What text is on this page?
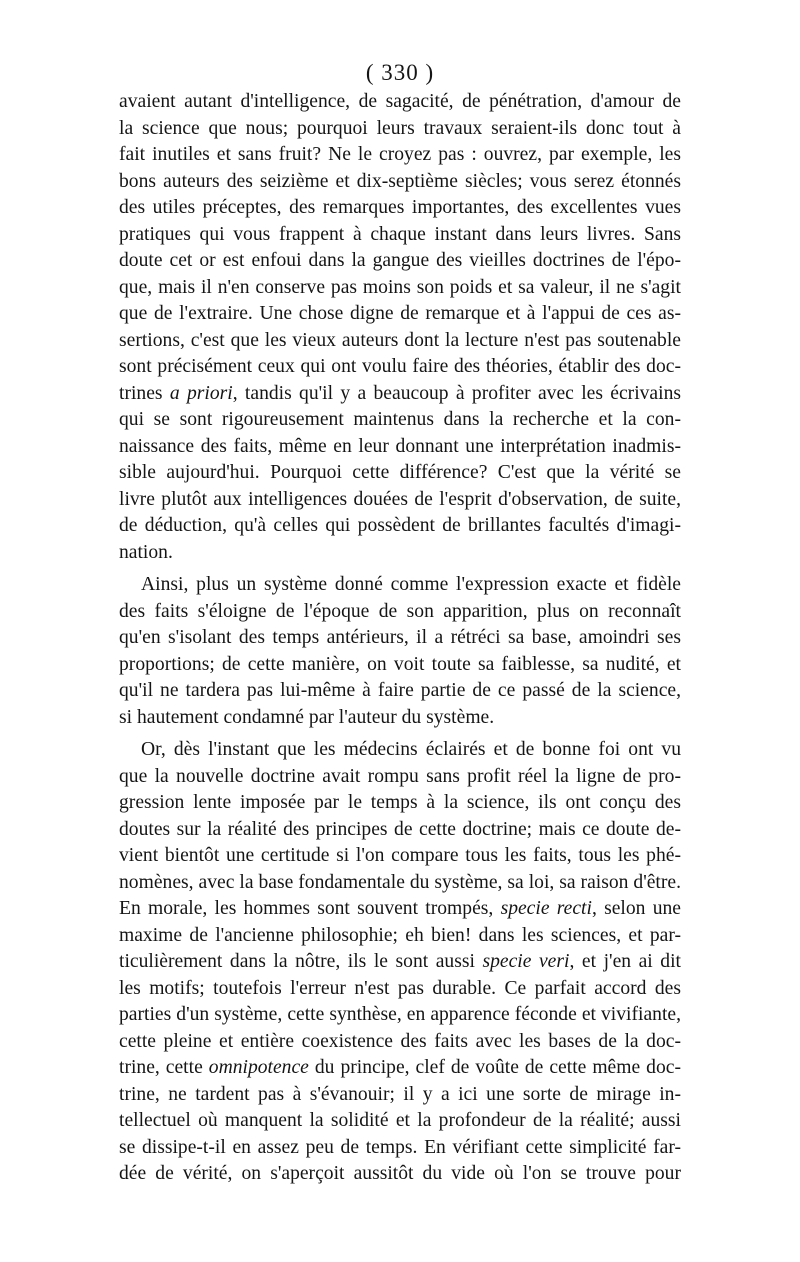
( 330 )
avaient autant d'intelligence, de sagacité, de pénétration, d'amour de
la science que nous; pourquoi leurs travaux seraient-ils donc tout à
fait inutiles et sans fruit? Ne le croyez pas : ouvrez, par exemple, les
bons auteurs des seizième et dix-septième siècles; vous serez étonnés
des utiles préceptes, des remarques importantes, des excellentes vues
pratiques qui vous frappent à chaque instant dans leurs livres. Sans
doute cet or est enfoui dans la gangue des vieilles doctrines de l'épo-
que, mais il n'en conserve pas moins son poids et sa valeur, il ne s'agit
que de l'extraire. Une chose digne de remarque et à l'appui de ces as-
sertions, c'est que les vieux auteurs dont la lecture n'est pas soutenable
sont précisément ceux qui ont voulu faire des théories, établir des doc-
trines a priori, tandis qu'il y a beaucoup à profiter avec les écrivains
qui se sont rigoureusement maintenus dans la recherche et la con-
naissance des faits, même en leur donnant une interprétation inadmis-
sible aujourd'hui. Pourquoi cette différence? C'est que la vérité se
livre plutôt aux intelligences douées de l'esprit d'observation, de suite,
de déduction, qu'à celles qui possèdent de brillantes facultés d'imagi-
nation.
Ainsi, plus un système donné comme l'expression exacte et fidèle
des faits s'éloigne de l'époque de son apparition, plus on reconnaît
qu'en s'isolant des temps antérieurs, il a rétréci sa base, amoindri ses
proportions; de cette manière, on voit toute sa faiblesse, sa nudité, et
qu'il ne tardera pas lui-même à faire partie de ce passé de la science,
si hautement condamné par l'auteur du système.
Or, dès l'instant que les médecins éclairés et de bonne foi ont vu
que la nouvelle doctrine avait rompu sans profit réel la ligne de pro-
gression lente imposée par le temps à la science, ils ont conçu des
doutes sur la réalité des principes de cette doctrine; mais ce doute de-
vient bientôt une certitude si l'on compare tous les faits, tous les phé-
nomènes, avec la base fondamentale du système, sa loi, sa raison d'être.
En morale, les hommes sont souvent trompés, specie recti, selon une
maxime de l'ancienne philosophie; eh bien! dans les sciences, et par-
ticulièrement dans la nôtre, ils le sont aussi specie veri, et j'en ai dit
les motifs; toutefois l'erreur n'est pas durable. Ce parfait accord des
parties d'un système, cette synthèse, en apparence féconde et vivifiante,
cette pleine et entière coexistence des faits avec les bases de la doc-
trine, cette omnipotence du principe, clef de voûte de cette même doc-
trine, ne tardent pas à s'évanouir; il y a ici une sorte de mirage in-
tellectuel où manquent la solidité et la profondeur de la réalité; aussi
se dissipe-t-il en assez peu de temps. En vérifiant cette simplicité far-
dée de vérité, on s'aperçoit aussitôt du vide où l'on se trouve pour
